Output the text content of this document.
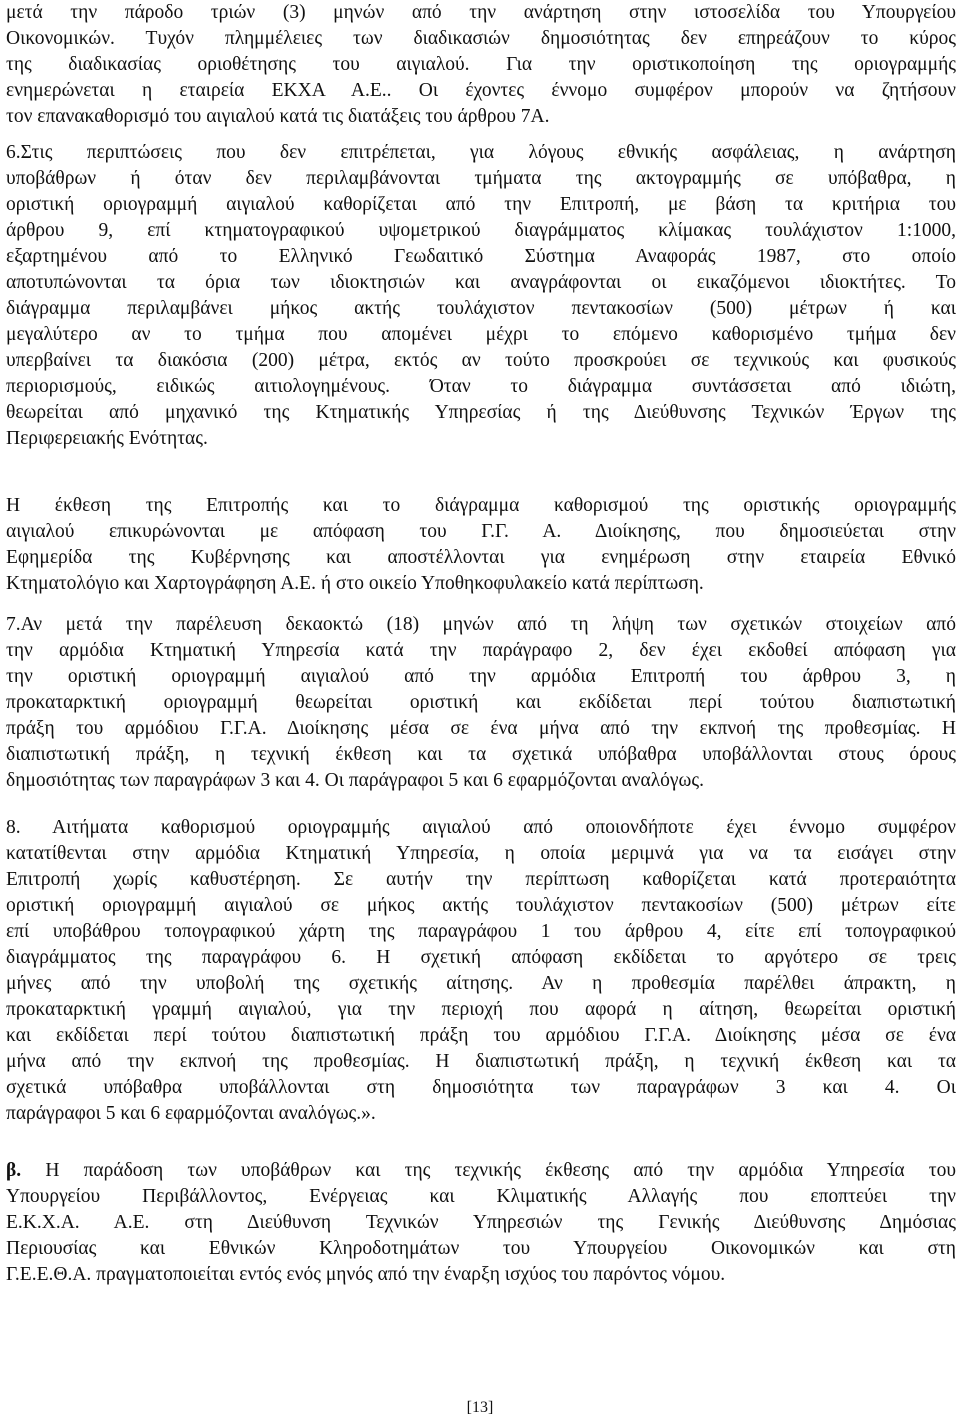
μετά την πάροδο τριών (3) μηνών από την ανάρτηση στην ιστοσελίδα του Υπουργείου
Οικονομικών. Τυχόν πλημμέλειες των διαδικασιών δημοσιότητας δεν επηρεάζουν το κύρος
της διαδικασίας οριοθέτησης του αιγιαλού. Για την οριστικοποίηση της οριογραμμής
ενημερώνεται η εταιρεία ΕΚΧΑ Α.Ε.. Οι έχοντες έννομο συμφέρον μπορούν να ζητήσουν
τον επανακαθορισμό του αιγιαλού κατά τις διατάξεις του άρθρου 7Α.
6.Στις περιπτώσεις που δεν επιτρέπεται, για λόγους εθνικής ασφάλειας, η ανάρτηση
υποβάθρων ή όταν δεν περιλαμβάνονται τμήματα της ακτογραμμής σε υπόβαθρα, η
οριστική οριογραμμή αιγιαλού καθορίζεται από την Επιτροπή, με βάση τα κριτήρια του
άρθρου 9, επί κτηματογραφικού υψομετρικού διαγράμματος κλίμακας τουλάχιστον 1:1000,
εξαρτημένου από το Ελληνικό Γεωδαιτικό Σύστημα Αναφοράς 1987, στο οποίο
αποτυπώνονται τα όρια των ιδιοκτησιών και αναγράφονται οι εικαζόμενοι ιδιοκτήτες. Το
διάγραμμα περιλαμβάνει μήκος ακτής τουλάχιστον πεντακοσίων (500) μέτρων ή και
μεγαλύτερο αν το τμήμα που απομένει μέχρι το επόμενο καθορισμένο τμήμα δεν
υπερβαίνει τα διακόσια (200) μέτρα, εκτός αν τούτο προσκρούει σε τεχνικούς και φυσικούς
περιορισμούς, ειδικώς αιτιολογημένους. Όταν το διάγραμμα συντάσσεται από ιδιώτη,
θεωρείται από μηχανικό της Κτηματικής Υπηρεσίας ή της Διεύθυνσης Τεχνικών Έργων της
Περιφερειακής Ενότητας.
Η έκθεση της Επιτροπής και το διάγραμμα καθορισμού της οριστικής οριογραμμής
αιγιαλού επικυρώνονται με απόφαση του Γ.Γ. Α. Διοίκησης, που δημοσιεύεται στην
Εφημερίδα της Κυβέρνησης και αποστέλλονται για ενημέρωση στην εταιρεία Εθνικό
Κτηματολόγιο και Χαρτογράφηση Α.Ε. ή στο οικείο Υποθηκοφυλακείο κατά περίπτωση.
7.Αν μετά την παρέλευση δεκαοκτώ (18) μηνών από τη λήψη των σχετικών στοιχείων από
την αρμόδια Κτηματική Υπηρεσία κατά την παράγραφο 2, δεν έχει εκδοθεί απόφαση για
την οριστική οριογραμμή αιγιαλού από την αρμόδια Επιτροπή του άρθρου 3, η
προκαταρκτική οριογραμμή θεωρείται οριστική και εκδίδεται περί τούτου διαπιστωτική
πράξη του αρμόδιου Γ.Γ.Α. Διοίκησης μέσα σε ένα μήνα από την εκπνοή της προθεσμίας. Η
διαπιστωτική πράξη, η τεχνική έκθεση και τα σχετικά υπόβαθρα υποβάλλονται στους όρους
δημοσιότητας των παραγράφων 3 και 4. Οι παράγραφοι 5 και 6 εφαρμόζονται αναλόγως.
8. Αιτήματα καθορισμού οριογραμμής αιγιαλού από οποιονδήποτε έχει έννομο συμφέρον
κατατίθενται στην αρμόδια Κτηματική Υπηρεσία, η οποία μεριμνά για να τα εισάγει στην
Επιτροπή χωρίς καθυστέρηση. Σε αυτήν την περίπτωση καθορίζεται κατά προτεραιότητα
οριστική οριογραμμή αιγιαλού σε μήκος ακτής τουλάχιστον πεντακοσίων (500) μέτρων είτε
επί υποβάθρου τοπογραφικού χάρτη της παραγράφου 1 του άρθρου 4, είτε επί τοπογραφικού
διαγράμματος της παραγράφου 6. Η σχετική απόφαση εκδίδεται το αργότερο σε τρεις
μήνες από την υποβολή της σχετικής αίτησης. Αν η προθεσμία παρέλθει άπρακτη, η
προκαταρκτική γραμμή αιγιαλού, για την περιοχή που αφορά η αίτηση, θεωρείται οριστική
και εκδίδεται περί τούτου διαπιστωτική πράξη του αρμόδιου Γ.Γ.Α. Διοίκησης μέσα σε ένα
μήνα από την εκπνοή της προθεσμίας. Η διαπιστωτική πράξη, η τεχνική έκθεση και τα
σχετικά υπόβαθρα υποβάλλονται στη δημοσιότητα των παραγράφων 3 και 4. Οι
παράγραφοι 5 και 6 εφαρμόζονται αναλόγως.».
β. Η παράδοση των υποβάθρων και της τεχνικής έκθεσης από την αρμόδια Υπηρεσία του
Υπουργείου Περιβάλλοντος, Ενέργειας και Κλιματικής Αλλαγής που εποπτεύει την
Ε.Κ.Χ.Α. Α.Ε. στη Διεύθυνση Τεχνικών Υπηρεσιών της Γενικής Διεύθυνσης Δημόσιας
Περιουσίας και Εθνικών Κληροδοτημάτων του Υπουργείου Οικονομικών και στη
Γ.Ε.Ε.Θ.Α. πραγματοποιείται εντός ενός μηνός από την έναρξη ισχύος του παρόντος νόμου.
[13]
